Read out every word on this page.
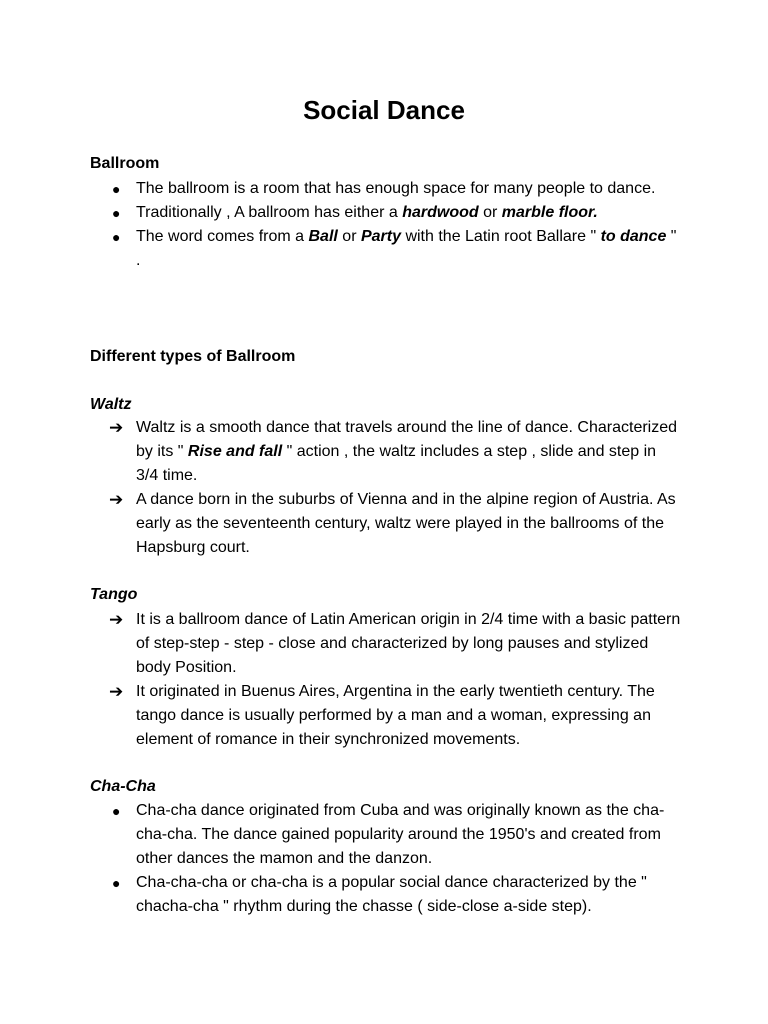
Social Dance

Ballroom

● The ballroom is a room that has enough space for many people to dance.
● Traditionally , A ballroom has either a hardwood or marble floor.
● The word comes from a Ball or Party with the Latin root Ballare " to dance " .

Different types of Ballroom

Waltz

➔ Waltz is a smooth dance that travels around the line of dance. Characterized by its " Rise and fall " action , the waltz includes a step , slide and step in 3/4 time.
➔ A dance born in the suburbs of Vienna and in the alpine region of Austria. As early as the seventeenth century, waltz were played in the ballrooms of the Hapsburg court.

Tango

➔ It is a ballroom dance of Latin American origin in 2/4 time with a basic pattern of step-step - step - close and characterized by long pauses and stylized body Position.
➔ It originated in Buenus Aires, Argentina in the early twentieth century. The tango dance is usually performed by a man and a woman, expressing an element of romance in their synchronized movements.

Cha-Cha

● Cha-cha dance originated from Cuba and was originally known as the cha-cha-cha. The dance gained popularity around the 1950's and created from other dances the mamon and the danzon.
● Cha-cha-cha or cha-cha is a popular social dance characterized by the " chacha-cha " rhythm during the chasse ( side-close a-side step).
